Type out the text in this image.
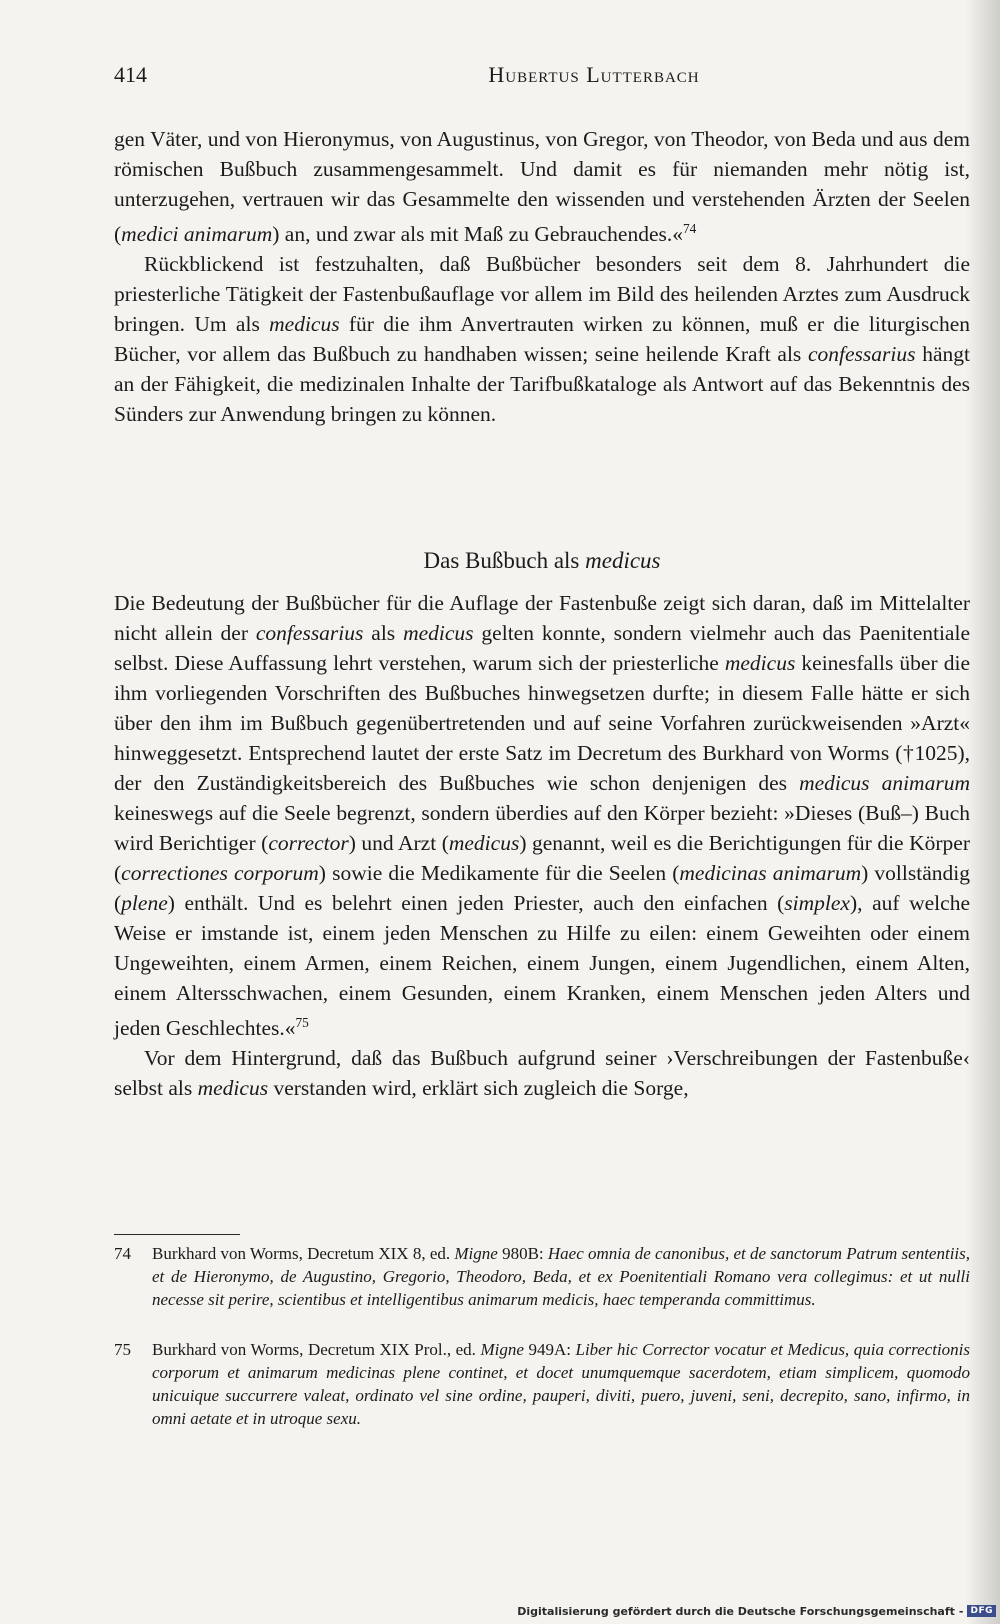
414	Hubertus Lutterbach

gen Väter, und von Hieronymus, von Augustinus, von Gregor, von Theodor, von Beda und aus dem römischen Bußbuch zusammengesammelt. Und damit es für niemanden mehr nötig ist, unterzugehen, vertrauen wir das Gesammelte den wissenden und verstehenden Ärzten der Seelen (medici animarum) an, und zwar als mit Maß zu Gebrauchendes.«$^{74}$

Rückblickend ist festzuhalten, daß Bußbücher besonders seit dem 8. Jahrhundert die priesterliche Tätigkeit der Fastenbußauflage vor allem im Bild des heilenden Arztes zum Ausdruck bringen. Um als medicus für die ihm Anvertrauten wirken zu können, muß er die liturgischen Bücher, vor allem das Bußbuch zu handhaben wissen; seine heilende Kraft als confessarius hängt an der Fähigkeit, die medizinalen Inhalte der Tarifbußkataloge als Antwort auf das Bekenntnis des Sünders zur Anwendung bringen zu können.

Das Bußbuch als medicus

Die Bedeutung der Bußbücher für die Auflage der Fastenbuße zeigt sich daran, daß im Mittelalter nicht allein der confessarius als medicus gelten konnte, sondern vielmehr auch das Paenitentiale selbst. Diese Auffassung lehrt verstehen, warum sich der priesterliche medicus keinesfalls über die ihm vorliegenden Vorschriften des Bußbuches hinwegsetzen durfte; in diesem Falle hätte er sich über den ihm im Bußbuch gegenübertretenden und auf seine Vorfahren zurückweisenden »Arzt« hinweggesetzt. Entsprechend lautet der erste Satz im Decretum des Burkhard von Worms (†1025), der den Zuständigkeitsbereich des Bußbuches wie schon denjenigen des medicus animarum keineswegs auf die Seele begrenzt, sondern überdies auf den Körper bezieht: »Dieses (Buß–) Buch wird Berichtiger (corrector) und Arzt (medicus) genannt, weil es die Berichtigungen für die Körper (correctiones corporum) sowie die Medikamente für die Seelen (medicinas animarum) vollständig (plene) enthält. Und es belehrt einen jeden Priester, auch den einfachen (simplex), auf welche Weise er imstande ist, einem jeden Menschen zu Hilfe zu eilen: einem Geweihten oder einem Ungeweihten, einem Armen, einem Reichen, einem Jungen, einem Jugendlichen, einem Alten, einem Altersschwachen, einem Gesunden, einem Kranken, einem Menschen jeden Alters und jeden Geschlechtes.«$^{75}$

Vor dem Hintergrund, daß das Bußbuch aufgrund seiner ›Verschreibungen der Fastenbuße‹ selbst als medicus verstanden wird, erklärt sich zugleich die Sorge,

74 Burkhard von Worms, Decretum XIX 8, ed. Migne 980B: Haec omnia de canonibus, et de sanctorum Patrum sententiis, et de Hieronymo, de Augustino, Gregorio, Theodoro, Beda, et ex Poenitentiali Romano vera collegimus: et ut nulli necesse sit perire, scientibus et intelligentibus animarum medicis, haec temperanda committimus.
75 Burkhard von Worms, Decretum XIX Prol., ed. Migne 949A: Liber hic Corrector vocatur et Medicus, quia correctionis corporum et animarum medicinas plene continet, et docet unumquemque sacerdotem, etiam simplicem, quomodo unicuique succurrere valeat, ordinato vel sine ordine, pauperi, diviti, puero, juveni, seni, decrepito, sano, infirmo, in omni aetate et in utroque sexu.
Digitalisierung gefördert durch die Deutsche Forschungsgemeinschaft - DFG
